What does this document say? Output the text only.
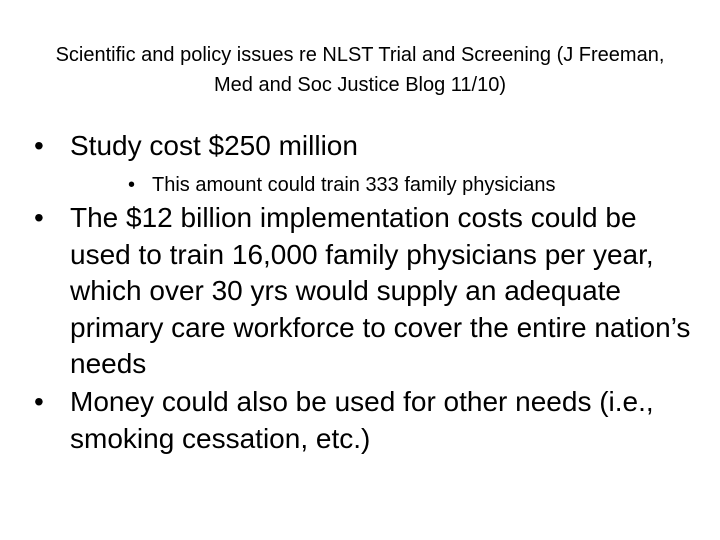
Scientific and policy issues re NLST Trial and Screening (J Freeman, Med and Soc Justice Blog 11/10)
• Study cost $250 million
• This amount could train 333 family physicians
• The $12 billion implementation costs could be used to train 16,000 family physicians per year, which over 30 yrs would supply an adequate primary care workforce to cover the entire nation’s needs
• Money could also be used for other needs (i.e., smoking cessation, etc.)
